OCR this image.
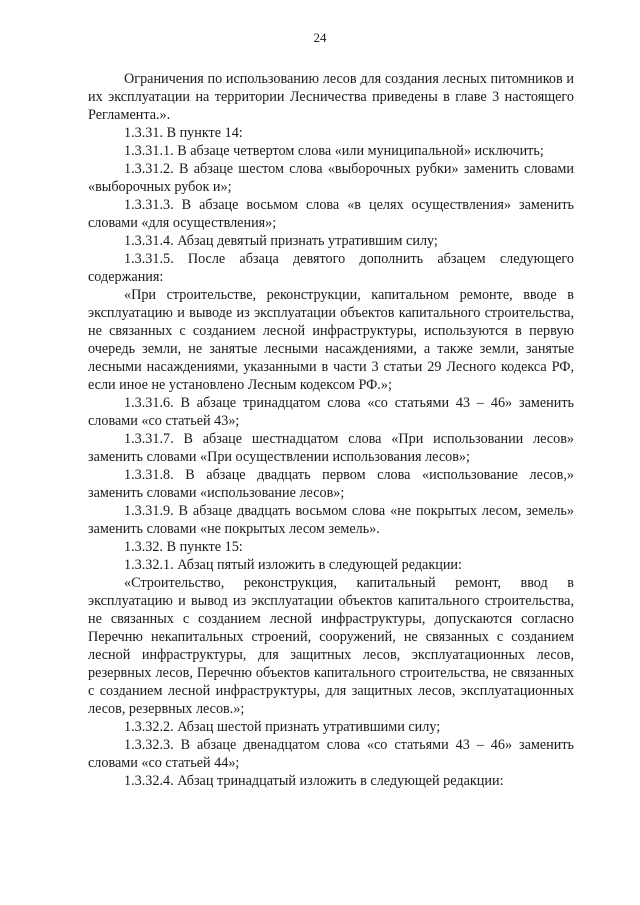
24

Ограничения по использованию лесов для создания лесных питомников и их эксплуатации на территории Лесничества приведены в главе 3 настоящего Регламента.».

1.3.31. В пункте 14:

1.3.31.1. В абзаце четвертом слова «или муниципальной» исключить;

1.3.31.2. В абзаце шестом слова «выборочных рубки» заменить словами «выборочных рубок и»;

1.3.31.3. В абзаце восьмом слова «в целях осуществления» заменить словами «для осуществления»;

1.3.31.4. Абзац девятый признать утратившим силу;

1.3.31.5. После абзаца девятого дополнить абзацем следующего содержания:

«При строительстве, реконструкции, капитальном ремонте, вводе в эксплуатацию и выводе из эксплуатации объектов капитального строительства, не связанных с созданием лесной инфраструктуры, используются в первую очередь земли, не занятые лесными насаждениями, а также земли, занятые лесными насаждениями, указанными в части 3 статьи 29 Лесного кодекса РФ, если иное не установлено Лесным кодексом РФ.»;

1.3.31.6. В абзаце тринадцатом слова «со статьями 43 – 46» заменить словами «со статьей 43»;

1.3.31.7. В абзаце шестнадцатом слова «При использовании лесов» заменить словами «При осуществлении использования лесов»;

1.3.31.8. В абзаце двадцать первом слова «использование лесов,» заменить словами «использование лесов»;

1.3.31.9. В абзаце двадцать восьмом слова «не покрытых лесом, земель» заменить словами «не покрытых лесом земель».

1.3.32. В пункте 15:

1.3.32.1. Абзац пятый изложить в следующей редакции:

«Строительство, реконструкция, капитальный ремонт, ввод в эксплуатацию и вывод из эксплуатации объектов капитального строительства, не связанных с созданием лесной инфраструктуры, допускаются согласно Перечню некапитальных строений, сооружений, не связанных с созданием лесной инфраструктуры, для защитных лесов, эксплуатационных лесов, резервных лесов, Перечню объектов капитального строительства, не связанных с созданием лесной инфраструктуры, для защитных лесов, эксплуатационных лесов, резервных лесов.»;

1.3.32.2. Абзац шестой признать утратившими силу;

1.3.32.3. В абзаце двенадцатом слова «со статьями 43 – 46» заменить словами «со статьей 44»;

1.3.32.4. Абзац тринадцатый изложить в следующей редакции:
